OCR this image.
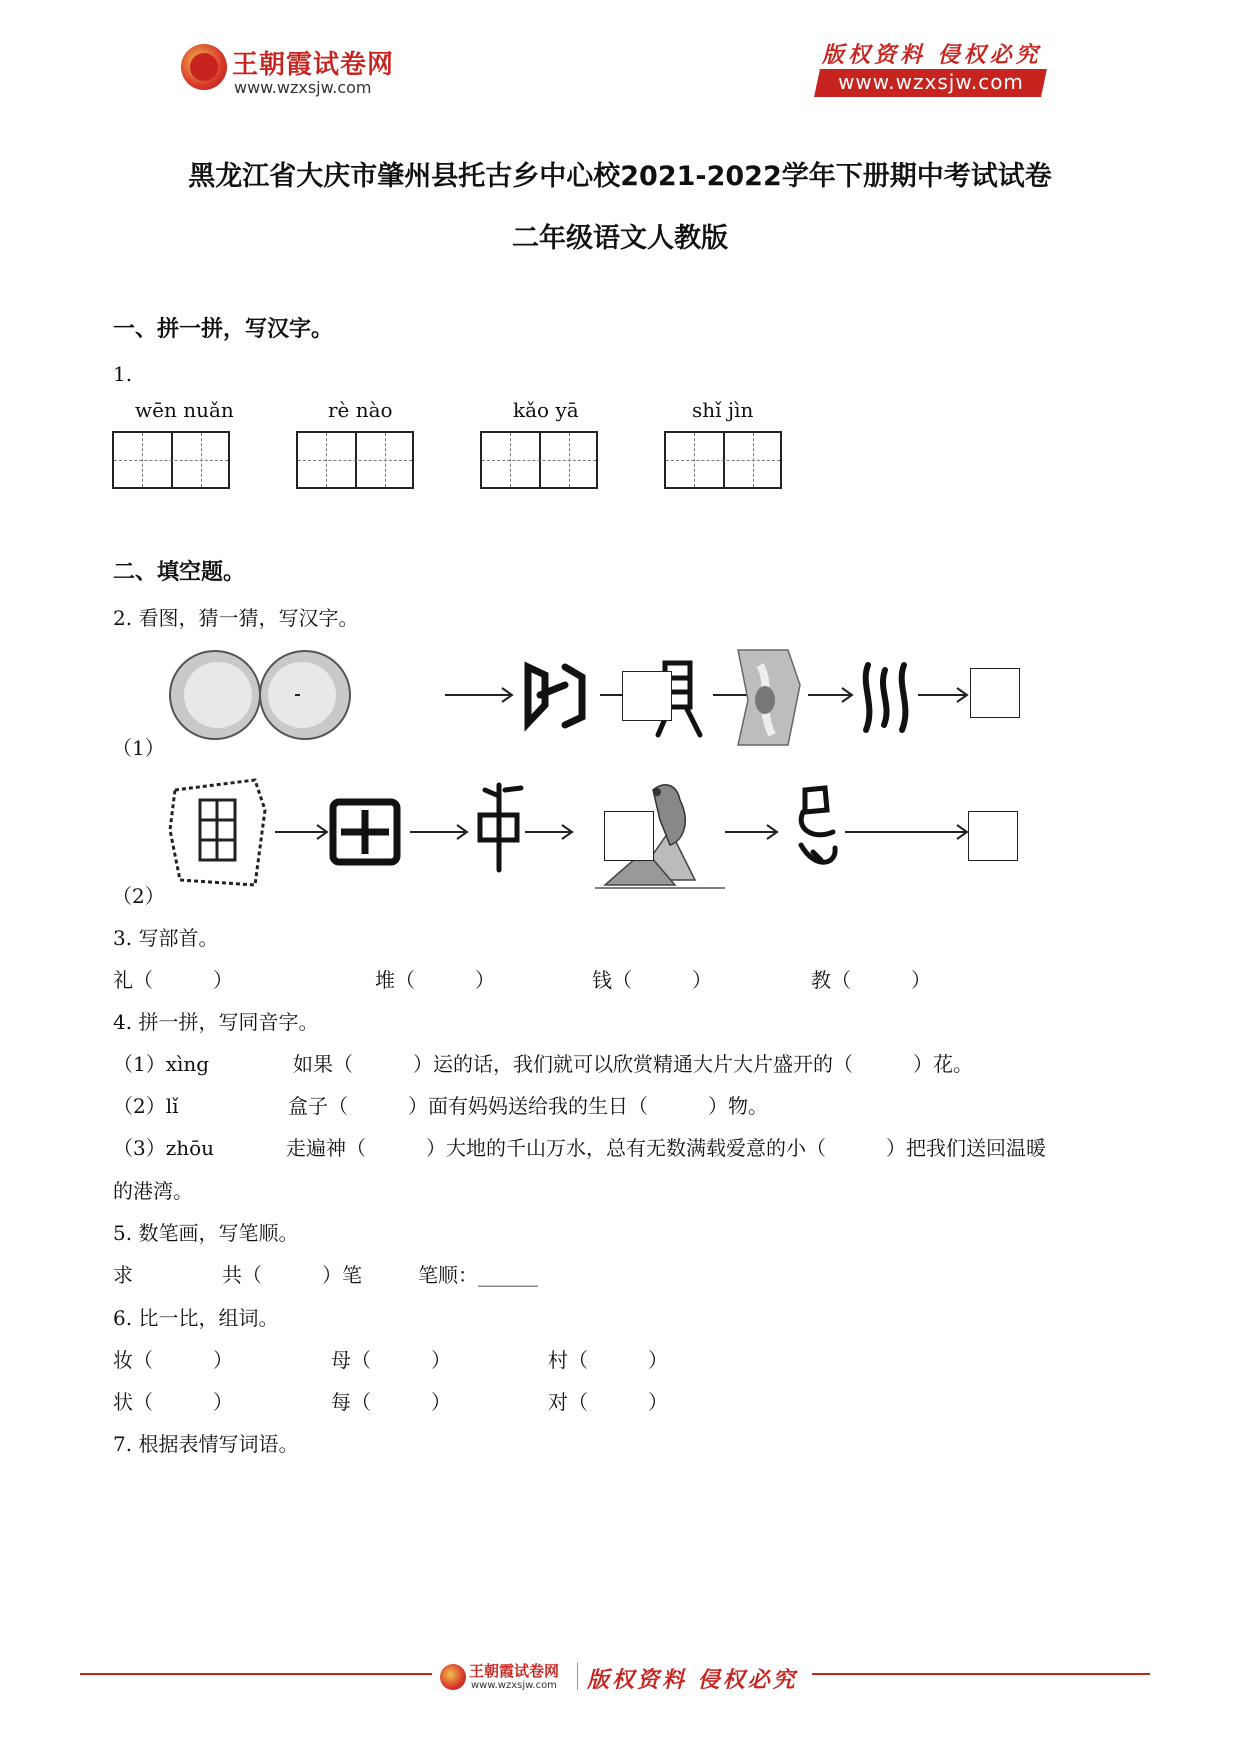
王朝霞试卷网
www.wzxsjw.com
版权资料 侵权必究
www.wzxsjw.com
黑龙江省大庆市肇州县托古乡中心校2021-2022学年下册期中考试试卷
二年级语文人教版
一、拼一拼，写汉字。
1.
wēn nuǎn	rè nào	kǎo yā	shǐ jìn
二、填空题。
2. 看图，猜一猜，写汉字。
（1）
（2）
3. 写部首。
礼（　　　）	堆（　　　）	钱（　　　）	教（　　　）
4. 拼一拼，写同音字。
（1）xìng	如果（　　　）运的话，我们就可以欣赏精通大片大片盛开的（　　　）花。
（2）lǐ	盒子（　　　）面有妈妈送给我的生日（　　　）物。
（3）zhōu	走遍神（　　　）大地的千山万水，总有无数满载爱意的小（　　　）把我们送回温暖
的港湾。
5. 数笔画，写笔顺。
求	共（　　　）笔	笔顺：______
6. 比一比，组词。
妆（　　　）	母（　　　）	村（　　　）
状（　　　）	每（　　　）	对（　　　）
7. 根据表情写词语。
王朝霞试卷网
www.wzxsjw.com 版权资料 侵权必究
